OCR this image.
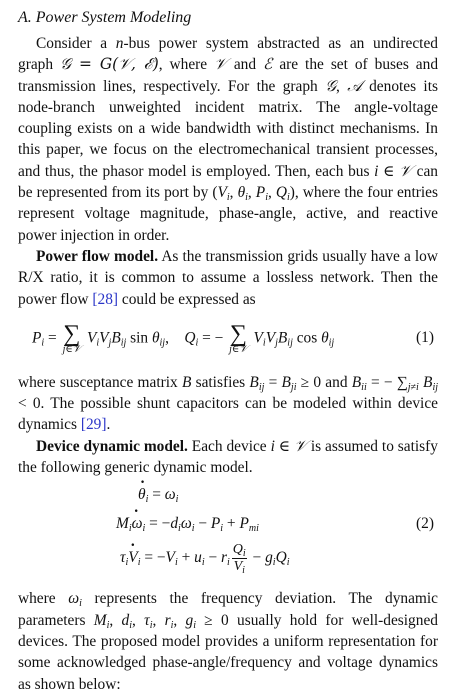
A. Power System Modeling

Consider a n-bus power system abstracted as an undirected graph 𝒢 = G(𝒱, ℰ), where 𝒱 and ℰ are the set of buses and transmission lines, respectively. For the graph 𝒢, 𝒜 denotes its node-branch unweighted incident matrix. The angle-voltage coupling exists on a wide bandwidth with distinct mechanisms. In this paper, we focus on the electromechanical transient processes, and thus, the phasor model is employed. Then, each bus i ∈ 𝒱 can be represented from its port by ($V_i$, $\theta_i$, $P_i$, $Q_i$), where the four entries represent voltage magnitude, phase-angle, active, and reactive power injection in order.

Power flow model. As the transmission grids usually have a low R/X ratio, it is common to assume a lossless network. Then the power flow [28] could be expressed as

$P_i$ = ∑
j∈𝒱
$V_iV_jB_{ij}$ $\sin \theta_{ij}$,    $Q_i$ = − ∑
j∈𝒱
$V_iV_jB_{ij}$ $\cos \theta_{ij}$	(1)

where susceptance matrix B satisfies $B_{ij} = B_{ji} \ge 0$ and $B_{ii}$ = − $\sum_{j\ne i}$ $B_{ij} < 0$. The possible shunt capacitors can be modeled within device dynamics [29].

Device dynamic model. Each device i ∈ 𝒱 is assumed to satisfy the following generic dynamic model.

· $\theta_i = \omega_i$
$M_i\cdot \omega_i = -d_i\omega_i - P_i + P_{mi}$
$\tau_i\cdot V_i = -V_i + u_i - r_i \frac{Q_i}{V_i} - g_iQ_i$
(2)

where $\omega_i$ represents the frequency deviation. The dynamic parameters $M_i$, $d_i$, $\tau_i$, $r_i$, $g_i \ge 0$ usually hold for well-designed devices. The proposed model provides a uniform representation for some acknowledged phase-angle/frequency and voltage dynamics as shown below:
